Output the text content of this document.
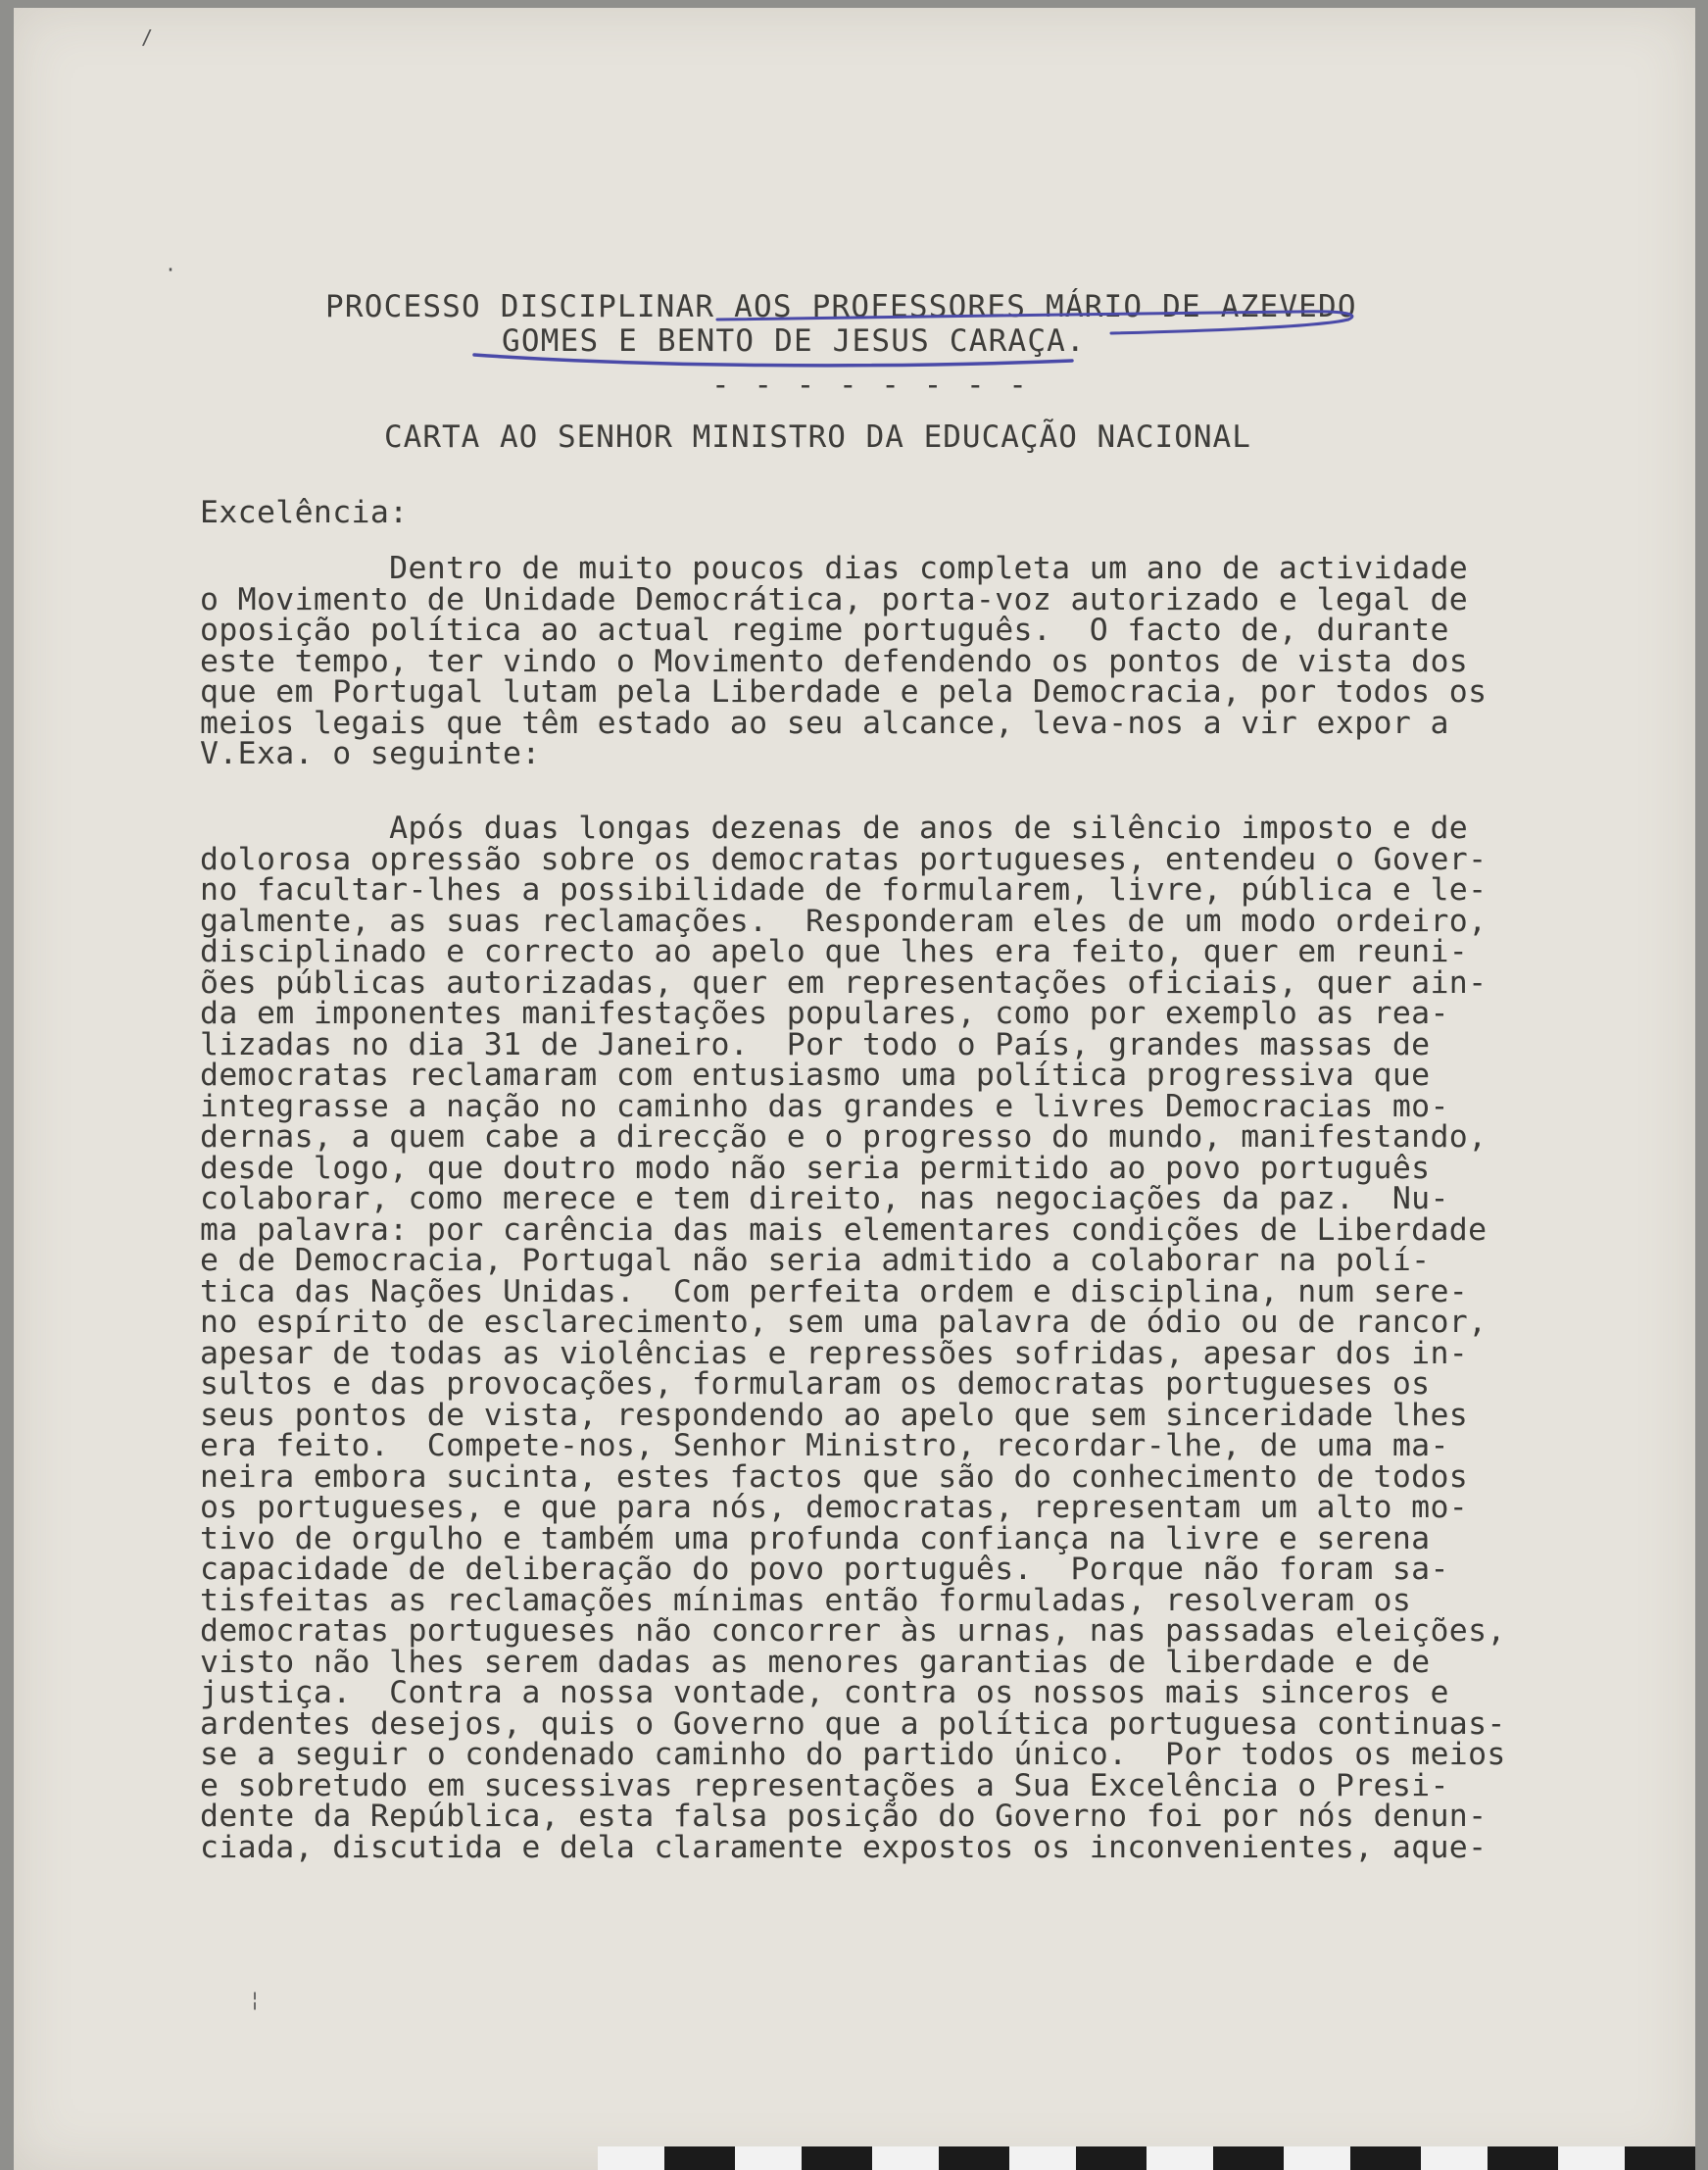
PROCESSO DISCIPLINAR AOS PROFESSORES MÁRIO DE AZEVEDO
GOMES E BENTO DE JESUS CARAÇA.
- - - - - - - -
CARTA AO SENHOR MINISTRO DA EDUCAÇÃO NACIONAL
Excelência:
Dentro de muito poucos dias completa um ano de actividade
o Movimento de Unidade Democrática, porta-voz autorizado e legal de
oposição política ao actual regime português.  O facto de, durante
este tempo, ter vindo o Movimento defendendo os pontos de vista dos
que em Portugal lutam pela Liberdade e pela Democracia, por todos os
meios legais que têm estado ao seu alcance, leva-nos a vir expor a
V.Exa. o seguinte:
Após duas longas dezenas de anos de silêncio imposto e de
dolorosa opressão sobre os democratas portugueses, entendeu o Gover-
no facultar-lhes a possibilidade de formularem, livre, pública e le-
galmente, as suas reclamações.  Responderam eles de um modo ordeiro,
disciplinado e correcto ao apelo que lhes era feito, quer em reuni-
ões públicas autorizadas, quer em representações oficiais, quer ain-
da em imponentes manifestações populares, como por exemplo as rea-
lizadas no dia 31 de Janeiro.  Por todo o País, grandes massas de
democratas reclamaram com entusiasmo uma política progressiva que
integrasse a nação no caminho das grandes e livres Democracias mo-
dernas, a quem cabe a direcção e o progresso do mundo, manifestando,
desde logo, que doutro modo não seria permitido ao povo português
colaborar, como merece e tem direito, nas negociações da paz.  Nu-
ma palavra: por carência das mais elementares condições de Liberdade
e de Democracia, Portugal não seria admitido a colaborar na polí-
tica das Nações Unidas.  Com perfeita ordem e disciplina, num sere-
no espírito de esclarecimento, sem uma palavra de ódio ou de rancor,
apesar de todas as violências e repressões sofridas, apesar dos in-
sultos e das provocações, formularam os democratas portugueses os
seus pontos de vista, respondendo ao apelo que sem sinceridade lhes
era feito.  Compete-nos, Senhor Ministro, recordar-lhe, de uma ma-
neira embora sucinta, estes factos que são do conhecimento de todos
os portugueses, e que para nós, democratas, representam um alto mo-
tivo de orgulho e também uma profunda confiança na livre e serena
capacidade de deliberação do povo português.  Porque não foram sa-
tisfeitas as reclamações mínimas então formuladas, resolveram os
democratas portugueses não concorrer às urnas, nas passadas eleições,
visto não lhes serem dadas as menores garantias de liberdade e de
justiça.  Contra a nossa vontade, contra os nossos mais sinceros e
ardentes desejos, quis o Governo que a política portuguesa continuas-
se a seguir o condenado caminho do partido único.  Por todos os meios
e sobretudo em sucessivas representações a Sua Excelência o Presi-
dente da República, esta falsa posição do Governo foi por nós denun-
ciada, discutida e dela claramente expostos os inconvenientes, aque-
/
·
¦
